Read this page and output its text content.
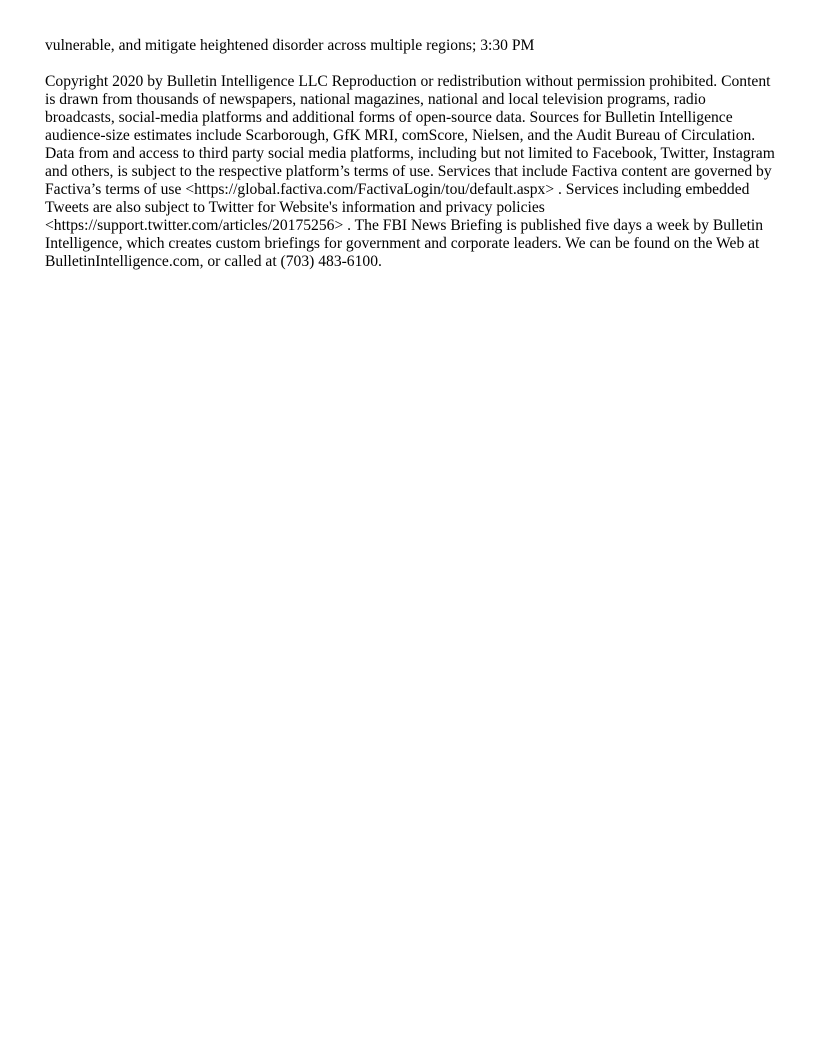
vulnerable, and mitigate heightened disorder across multiple regions; 3:30 PM

Copyright 2020 by Bulletin Intelligence LLC Reproduction or redistribution without permission prohibited. Content is drawn from thousands of newspapers, national magazines, national and local television programs, radio broadcasts, social-media platforms and additional forms of open-source data. Sources for Bulletin Intelligence audience-size estimates include Scarborough, GfK MRI, comScore, Nielsen, and the Audit Bureau of Circulation. Data from and access to third party social media platforms, including but not limited to Facebook, Twitter, Instagram and others, is subject to the respective platform’s terms of use. Services that include Factiva content are governed by Factiva’s terms of use <https://global.factiva.com/FactivaLogin/tou/default.aspx> . Services including embedded Tweets are also subject to Twitter for Website's information and privacy policies <https://support.twitter.com/articles/20175256> . The FBI News Briefing is published five days a week by Bulletin Intelligence, which creates custom briefings for government and corporate leaders. We can be found on the Web at BulletinIntelligence.com, or called at (703) 483-6100.
